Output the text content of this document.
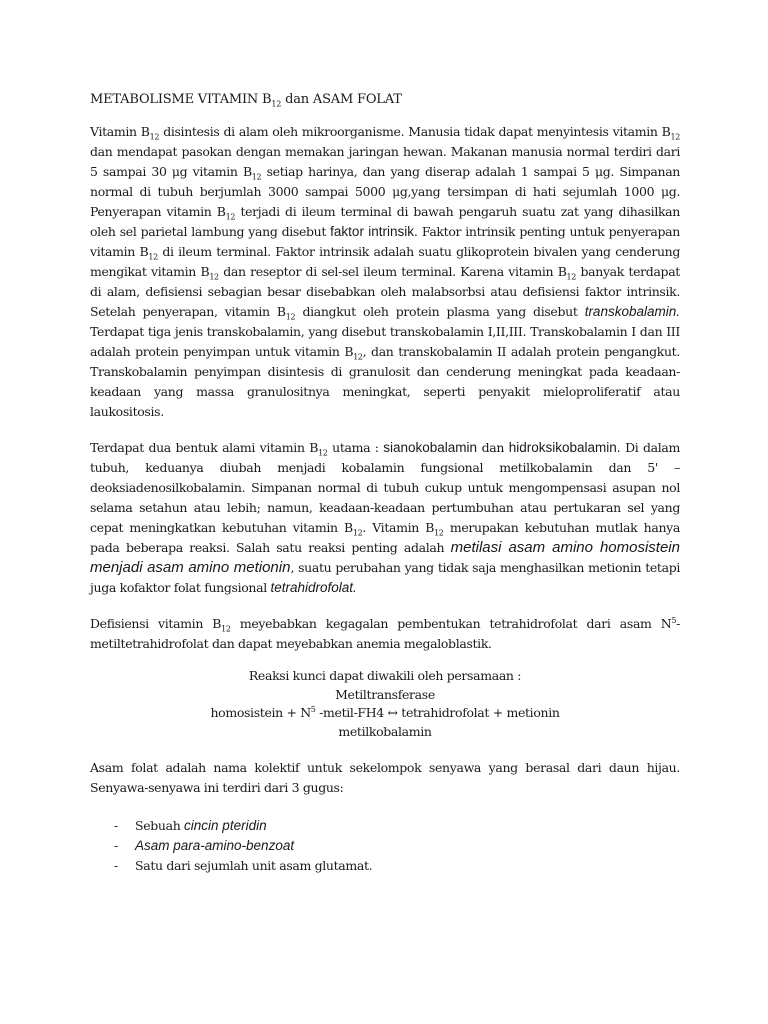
METABOLISME VITAMIN $B_{12}$ dan ASAM FOLAT

Vitamin $B_{12}$ disintesis di alam oleh mikroorganisme. Manusia tidak dapat menyintesis vitamin $B_{12}$ dan mendapat pasokan dengan memakan jaringan hewan. Makanan manusia normal terdiri dari 5 sampai 30 μg vitamin $B_{12}$ setiap harinya, dan yang diserap adalah 1 sampai 5 μg. Simpanan normal di tubuh berjumlah 3000 sampai 5000 μg,yang tersimpan di hati sejumlah 1000 μg. Penyerapan vitamin $B_{12}$ terjadi di ileum terminal di bawah pengaruh suatu zat yang dihasilkan oleh sel parietal lambung yang disebut faktor intrinsik. Faktor intrinsik penting untuk penyerapan vitamin $B_{12}$ di ileum terminal. Faktor intrinsik adalah suatu glikoprotein bivalen yang cenderung mengikat vitamin $B_{12}$ dan reseptor di sel-sel ileum terminal. Karena vitamin $B_{12}$ banyak terdapat di alam, defisiensi sebagian besar disebabkan oleh malabsorbsi atau defisiensi faktor intrinsik. Setelah penyerapan, vitamin $B_{12}$ diangkut oleh protein plasma yang disebut transkobalamin. Terdapat tiga jenis transkobalamin, yang disebut transkobalamin I,II,III. Transkobalamin I dan III adalah protein penyimpan untuk vitamin $B_{12}$, dan transkobalamin II adalah protein pengangkut. Transkobalamin penyimpan disintesis di granulosit dan cenderung meningkat pada keadaan-keadaan yang massa granulositnya meningkat, seperti penyakit mieloproliferatif atau laukositosis.

Terdapat dua bentuk alami vitamin $B_{12}$ utama : sianokobalamin dan hidroksikobalamin. Di dalam tubuh, keduanya diubah menjadi kobalamin fungsional metilkobalamin dan 5' – deoksiadenosilkobalamin. Simpanan normal di tubuh cukup untuk mengompensasi asupan nol selama setahun atau lebih; namun, keadaan-keadaan pertumbuhan atau pertukaran sel yang cepat meningkatkan kebutuhan vitamin $B_{12}$. Vitamin $B_{12}$ merupakan kebutuhan mutlak hanya pada beberapa reaksi. Salah satu reaksi penting adalah metilasi asam amino homosistein menjadi asam amino metionin, suatu perubahan yang tidak saja menghasilkan metionin tetapi juga kofaktor folat fungsional tetrahidrofolat.

Defisiensi vitamin $B_{12}$ meyebabkan kegagalan pembentukan tetrahidrofolat dari asam $N^5-$ metiltetrahidrofolat dan dapat meyebabkan anemia megaloblastik.

Reaksi kunci dapat diwakili oleh persamaan :
Metiltransferase
homosistein + $N^5$ -metil-FH4 ↔ tetrahidrofolat + metionin
metilkobalamin

Asam folat adalah nama kolektif untuk sekelompok senyawa yang berasal dari daun hijau. Senyawa-senyawa ini terdiri dari 3 gugus:

- Sebuah cincin pteridin
- Asam para-amino-benzoat
- Satu dari sejumlah unit asam glutamat.
